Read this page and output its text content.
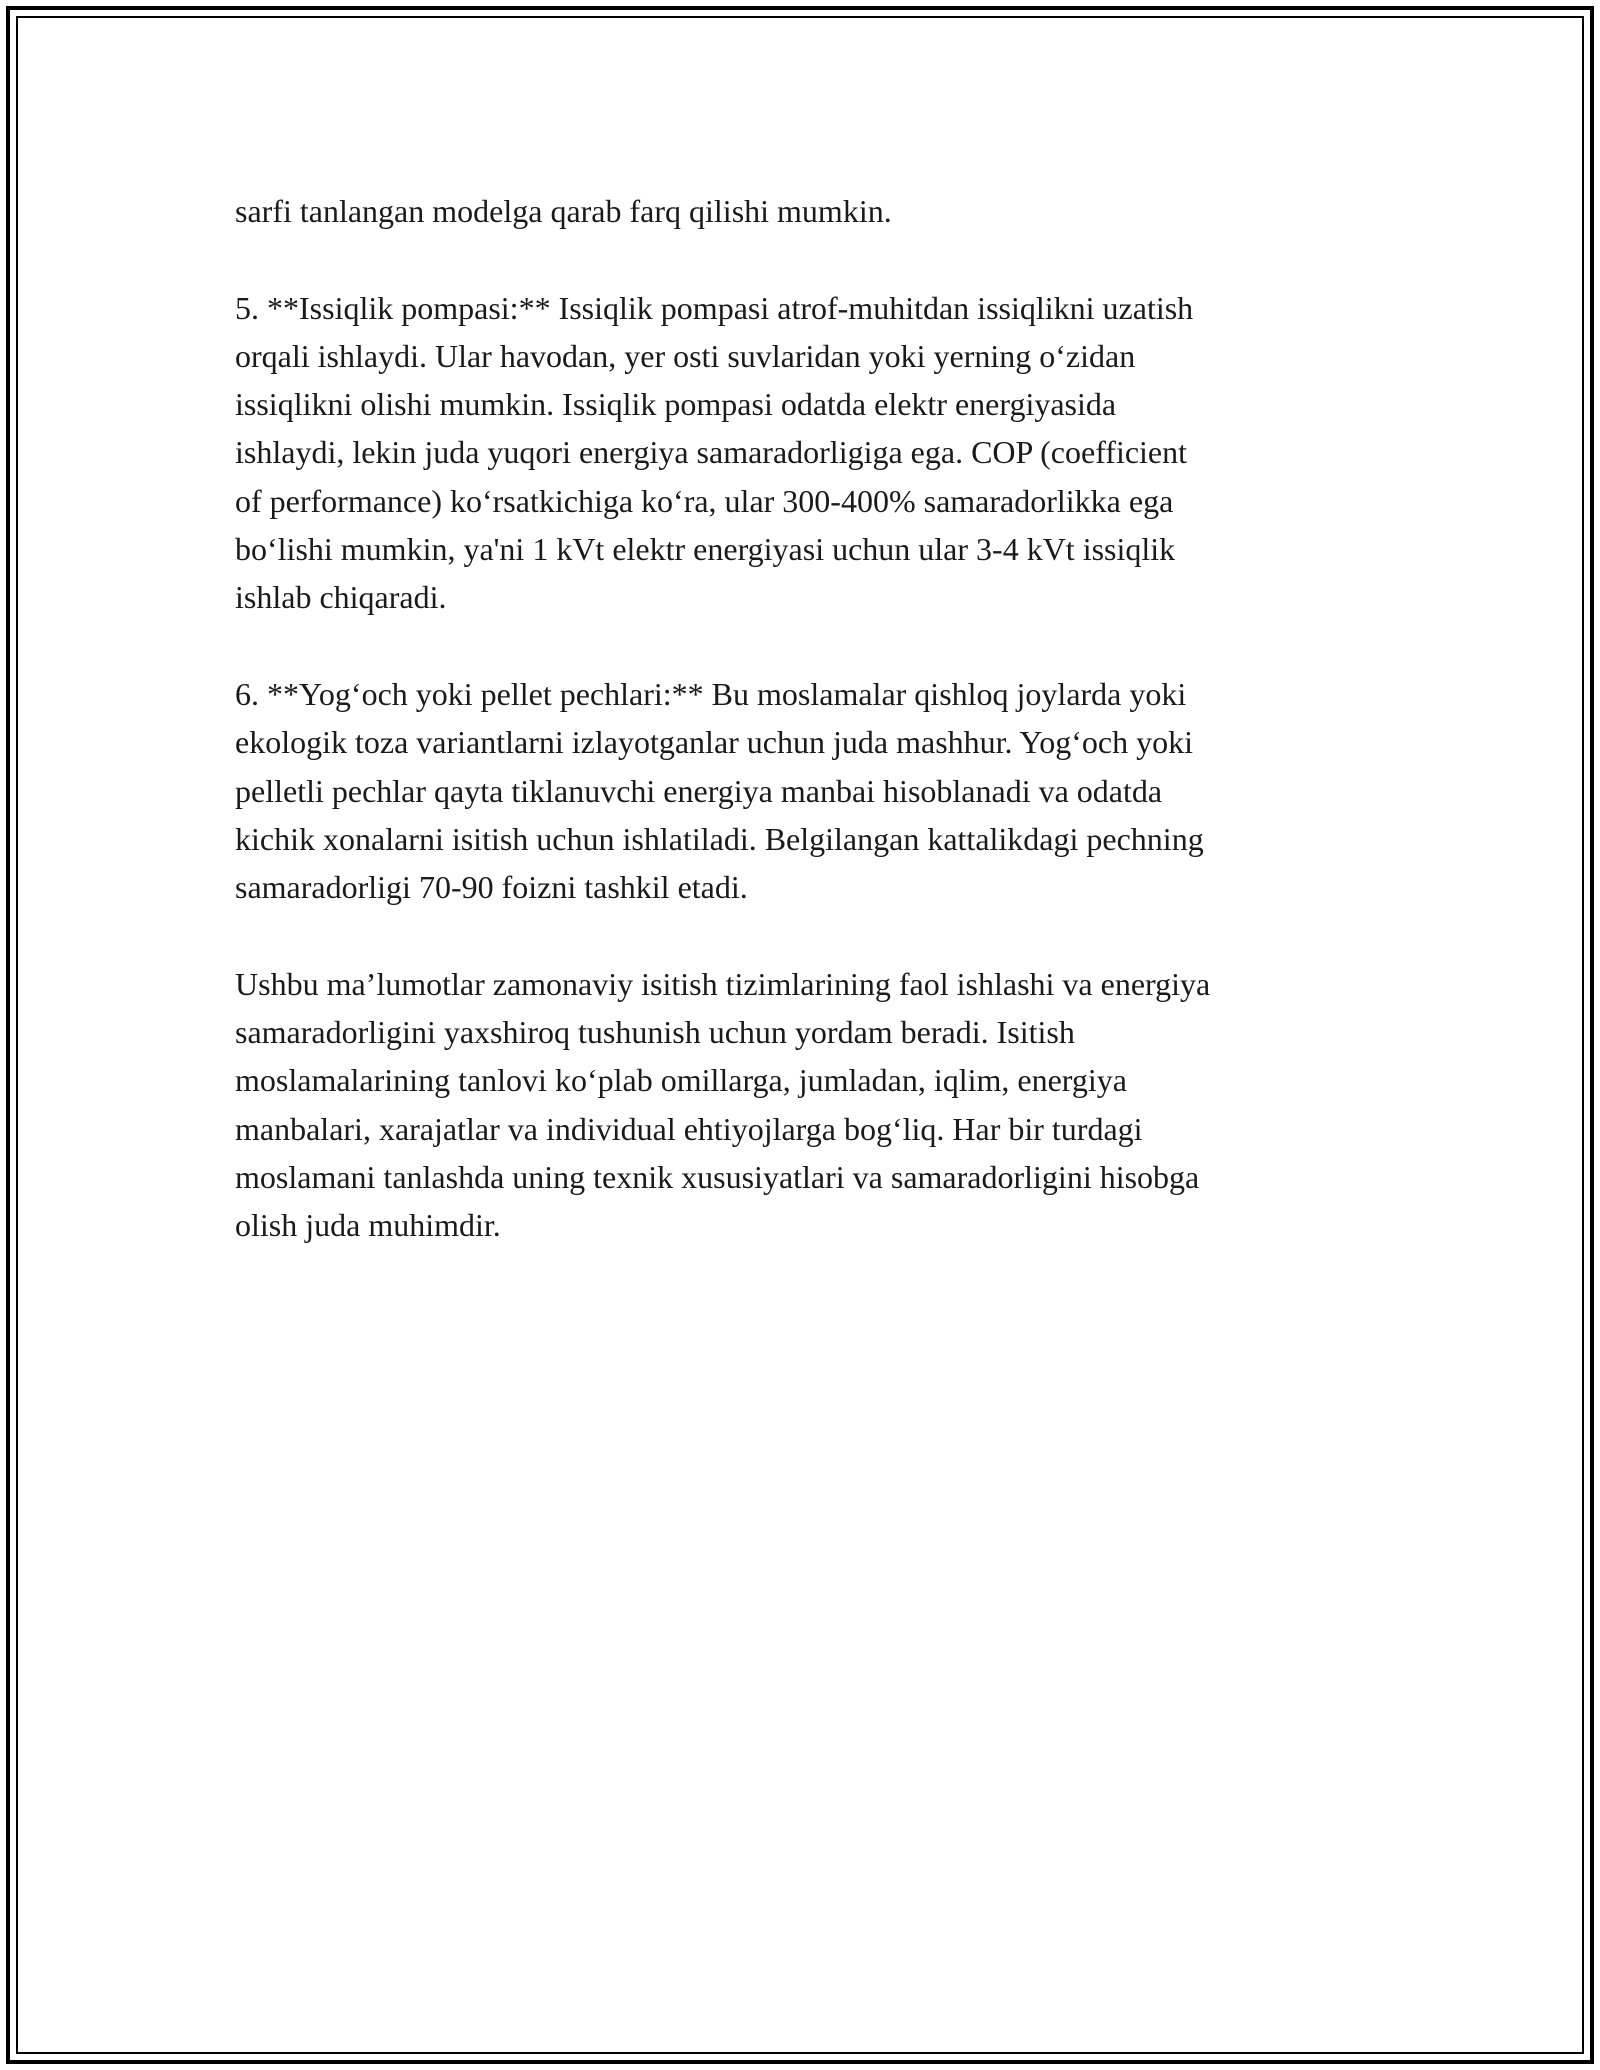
sarfi tanlangan modelga qarab farq qilishi mumkin.

5. **Issiqlik pompasi:** Issiqlik pompasi atrof-muhitdan issiqlikni uzatish
orqali ishlaydi. Ular havodan, yer osti suvlaridan yoki yerning o‘zidan
issiqlikni olishi mumkin. Issiqlik pompasi odatda elektr energiyasida
ishlaydi, lekin juda yuqori energiya samaradorligiga ega. COP (coefficient
of performance) ko‘rsatkichiga ko‘ra, ular 300-400% samaradorlikka ega
bo‘lishi mumkin, ya'ni 1 kVt elektr energiyasi uchun ular 3-4 kVt issiqlik
ishlab chiqaradi.

6. **Yog‘och yoki pellet pechlari:** Bu moslamalar qishloq joylarda yoki
ekologik toza variantlarni izlayotganlar uchun juda mashhur. Yog‘och yoki
pelletli pechlar qayta tiklanuvchi energiya manbai hisoblanadi va odatda
kichik xonalarni isitish uchun ishlatiladi. Belgilangan kattalikdagi pechning
samaradorligi 70-90 foizni tashkil etadi.

Ushbu ma’lumotlar zamonaviy isitish tizimlarining faol ishlashi va energiya
samaradorligini yaxshiroq tushunish uchun yordam beradi. Isitish
moslamalarining tanlovi ko‘plab omillarga, jumladan, iqlim, energiya
manbalari, xarajatlar va individual ehtiyojlarga bog‘liq. Har bir turdagi
moslamani tanlashda uning texnik xususiyatlari va samaradorligini hisobga
olish juda muhimdir.
